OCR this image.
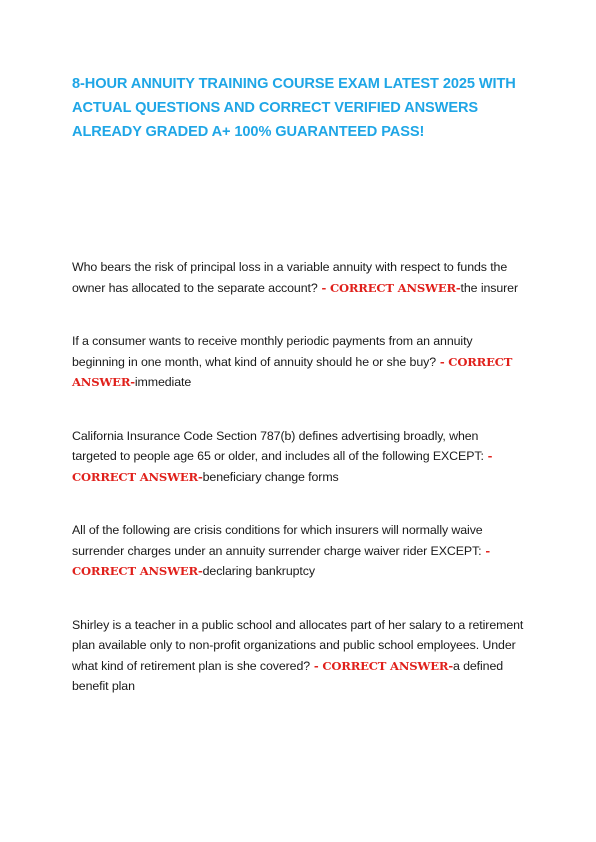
8-HOUR ANNUITY TRAINING COURSE EXAM LATEST 2025 WITH ACTUAL QUESTIONS AND CORRECT VERIFIED ANSWERS ALREADY GRADED A+ 100% GUARANTEED PASS!

Who bears the risk of principal loss in a variable annuity with respect to funds the owner has allocated to the separate account? - CORRECT ANSWER-the insurer

If a consumer wants to receive monthly periodic payments from an annuity beginning in one month, what kind of annuity should he or she buy? - CORRECT ANSWER-immediate

California Insurance Code Section 787(b) defines advertising broadly, when targeted to people age 65 or older, and includes all of the following EXCEPT: - CORRECT ANSWER-beneficiary change forms

All of the following are crisis conditions for which insurers will normally waive surrender charges under an annuity surrender charge waiver rider EXCEPT: - CORRECT ANSWER-declaring bankruptcy

Shirley is a teacher in a public school and allocates part of her salary to a retirement plan available only to non-profit organizations and public school employees. Under what kind of retirement plan is she covered? - CORRECT ANSWER-a defined benefit plan
